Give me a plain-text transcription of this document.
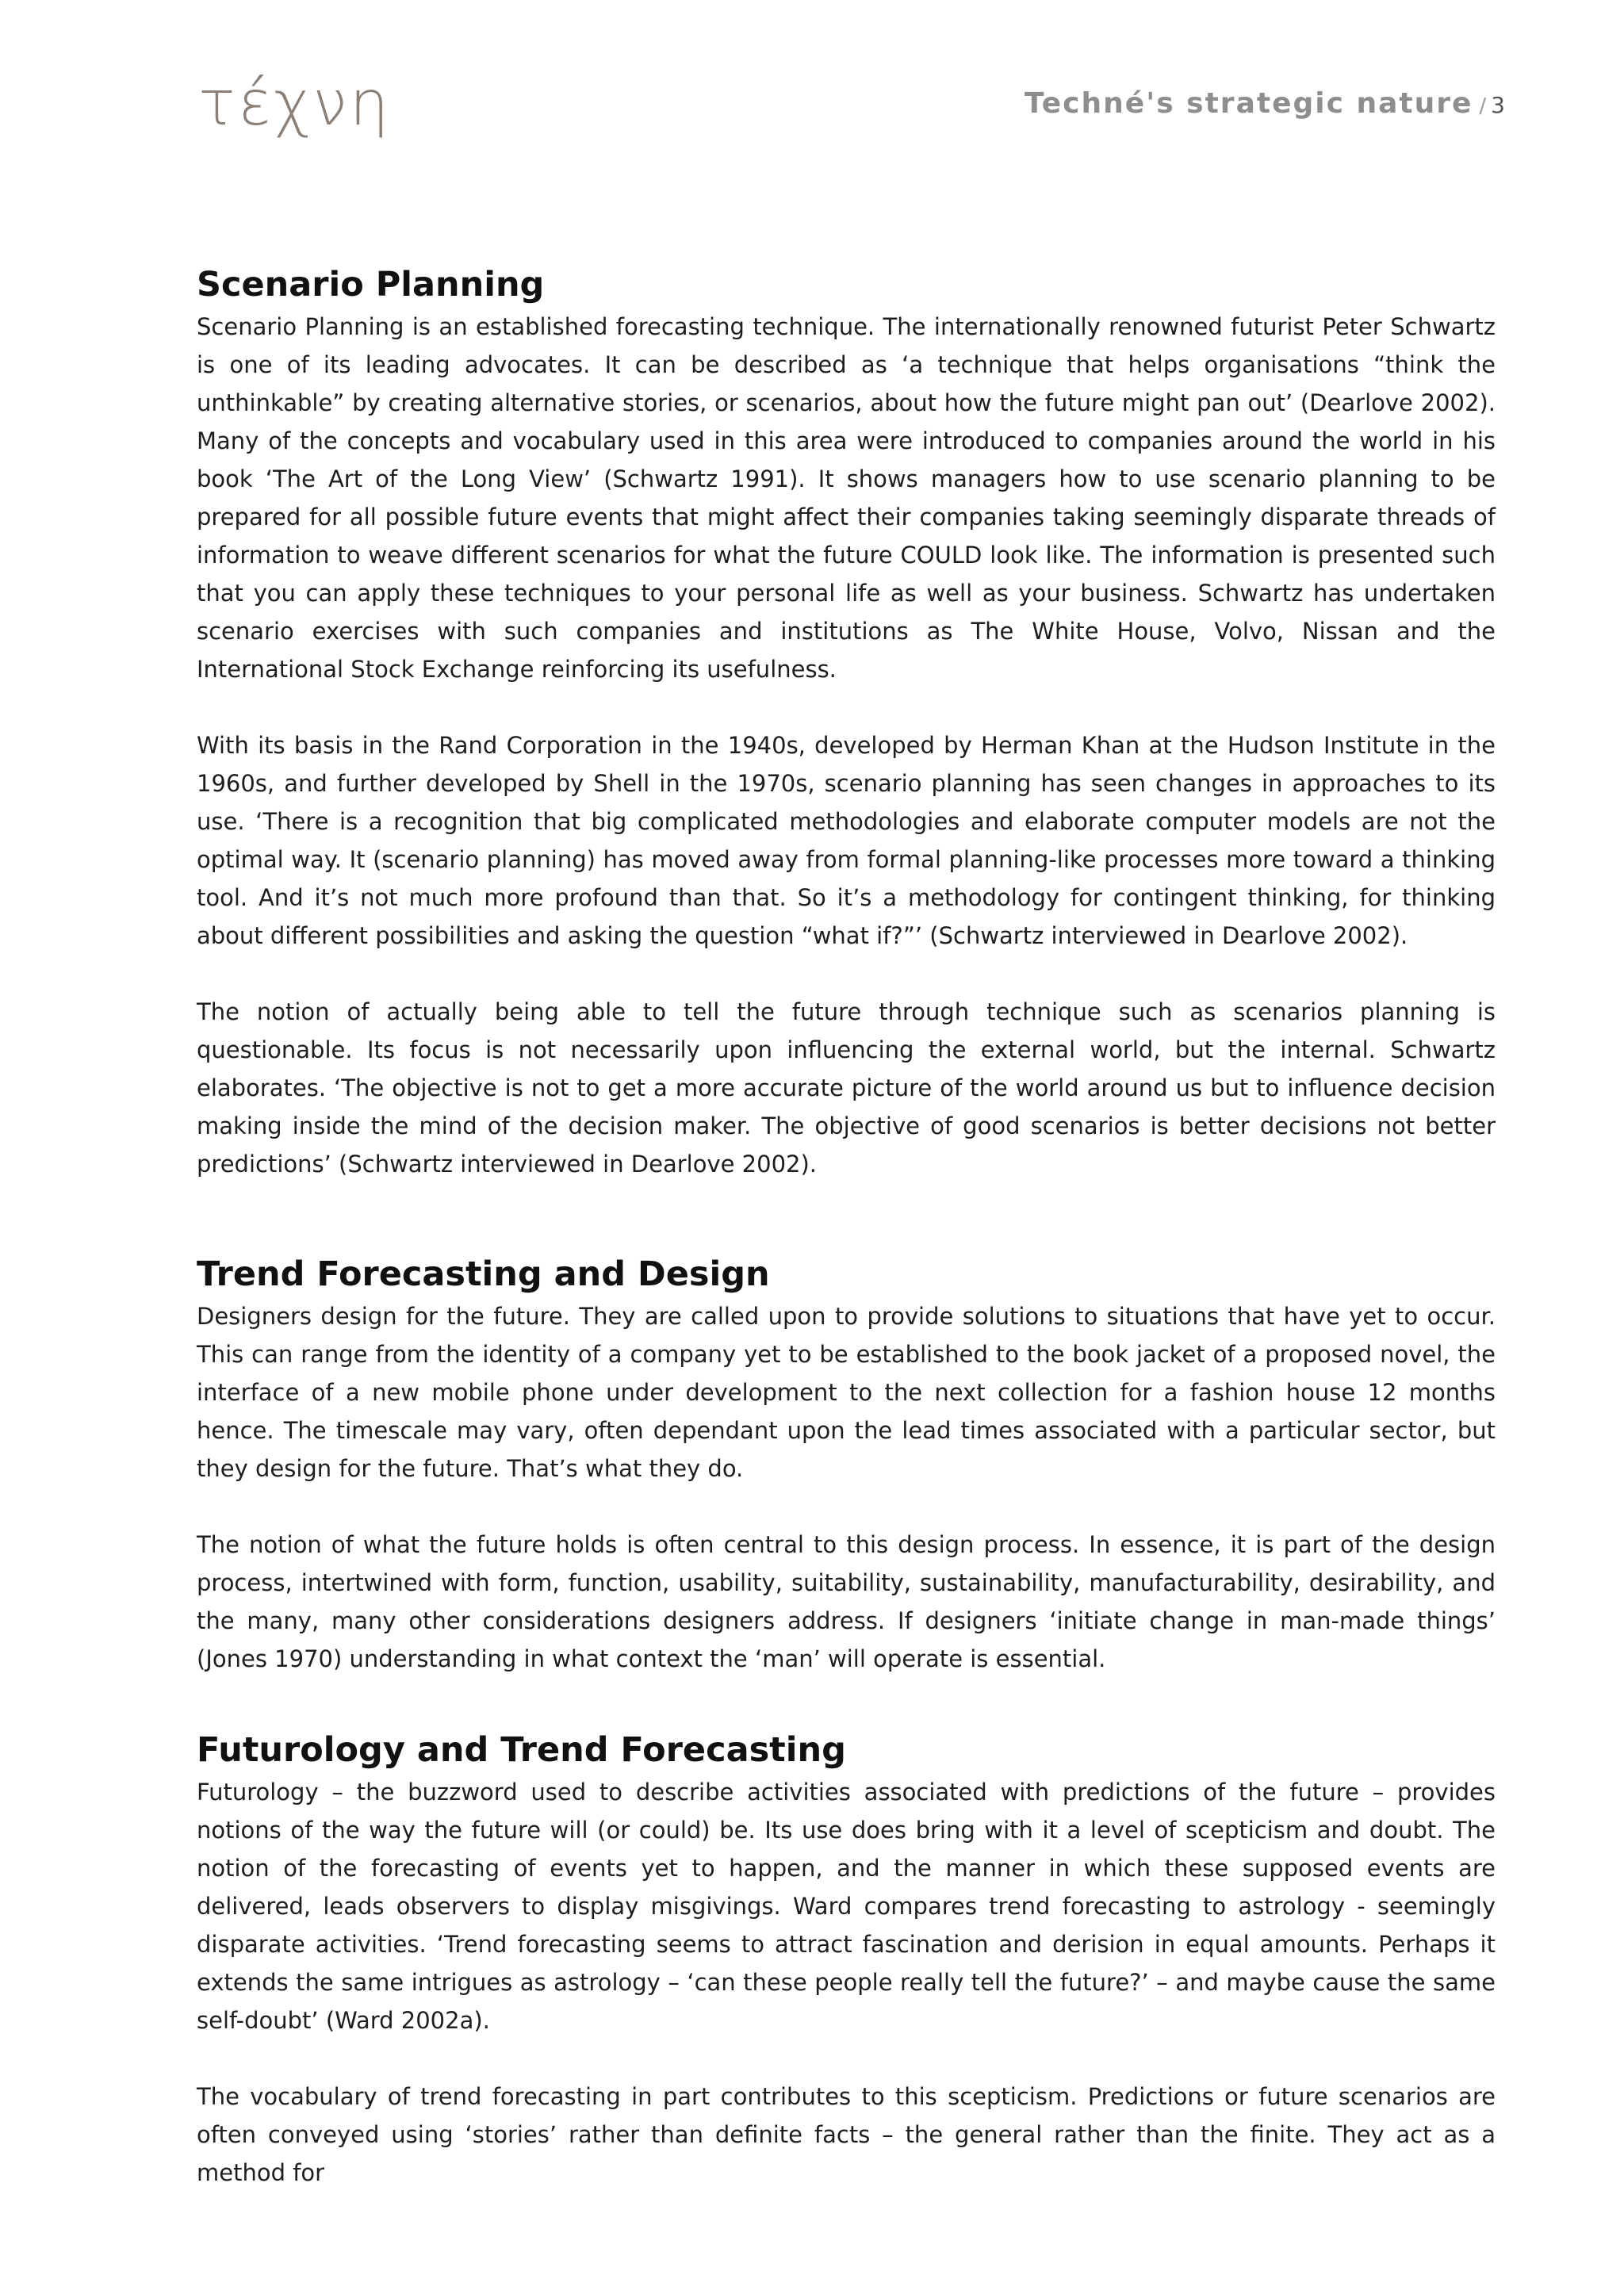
τέχνη	Techné's strategic nature / 3
Scenario Planning

Scenario Planning is an established forecasting technique. The internationally renowned futurist Peter Schwartz is one of its leading advocates. It can be described as ‘a technique that helps organisations “think the unthinkable” by creating alternative stories, or scenarios, about how the future might pan out’ (Dearlove 2002). Many of the concepts and vocabulary used in this area were introduced to companies around the world in his book ‘The Art of the Long View’ (Schwartz 1991). It shows managers how to use scenario planning to be prepared for all possible future events that might affect their companies taking seemingly disparate threads of information to weave different scenarios for what the future COULD look like. The information is presented such that you can apply these techniques to your personal life as well as your business. Schwartz has undertaken scenario exercises with such companies and institutions as The White House, Volvo, Nissan and the International Stock Exchange reinforcing its usefulness.

With its basis in the Rand Corporation in the 1940s, developed by Herman Khan at the Hudson Institute in the 1960s, and further developed by Shell in the 1970s, scenario planning has seen changes in approaches to its use. ‘There is a recognition that big complicated methodologies and elaborate computer models are not the optimal way. It (scenario planning) has moved away from formal planning-like processes more toward a thinking tool. And it’s not much more profound than that. So it’s a methodology for contingent thinking, for thinking about different possibilities and asking the question “what if?”’ (Schwartz interviewed in Dearlove 2002).

The notion of actually being able to tell the future through technique such as scenarios planning is questionable. Its focus is not necessarily upon influencing the external world, but the internal. Schwartz elaborates. ‘The objective is not to get a more accurate picture of the world around us but to influence decision making inside the mind of the decision maker. The objective of good scenarios is better decisions not better predictions’ (Schwartz interviewed in Dearlove 2002).

Trend Forecasting and Design

Designers design for the future. They are called upon to provide solutions to situations that have yet to occur. This can range from the identity of a company yet to be established to the book jacket of a proposed novel, the interface of a new mobile phone under development to the next collection for a fashion house 12 months hence. The timescale may vary, often dependant upon the lead times associated with a particular sector, but they design for the future. That’s what they do.

The notion of what the future holds is often central to this design process. In essence, it is part of the design process, intertwined with form, function, usability, suitability, sustainability, manufacturability, desirability, and the many, many other considerations designers address. If designers ‘initiate change in man-made things’ (Jones 1970) understanding in what context the ‘man’ will operate is essential.

Futurology and Trend Forecasting

Futurology – the buzzword used to describe activities associated with predictions of the future – provides notions of the way the future will (or could) be. Its use does bring with it a level of scepticism and doubt. The notion of the forecasting of events yet to happen, and the manner in which these supposed events are delivered, leads observers to display misgivings. Ward compares trend forecasting to astrology - seemingly disparate activities. ‘Trend forecasting seems to attract fascination and derision in equal amounts. Perhaps it extends the same intrigues as astrology – ‘can these people really tell the future?’ – and maybe cause the same self-doubt’ (Ward 2002a).

The vocabulary of trend forecasting in part contributes to this scepticism. Predictions or future scenarios are often conveyed using ‘stories’ rather than definite facts – the general rather than the finite. They act as a method for
